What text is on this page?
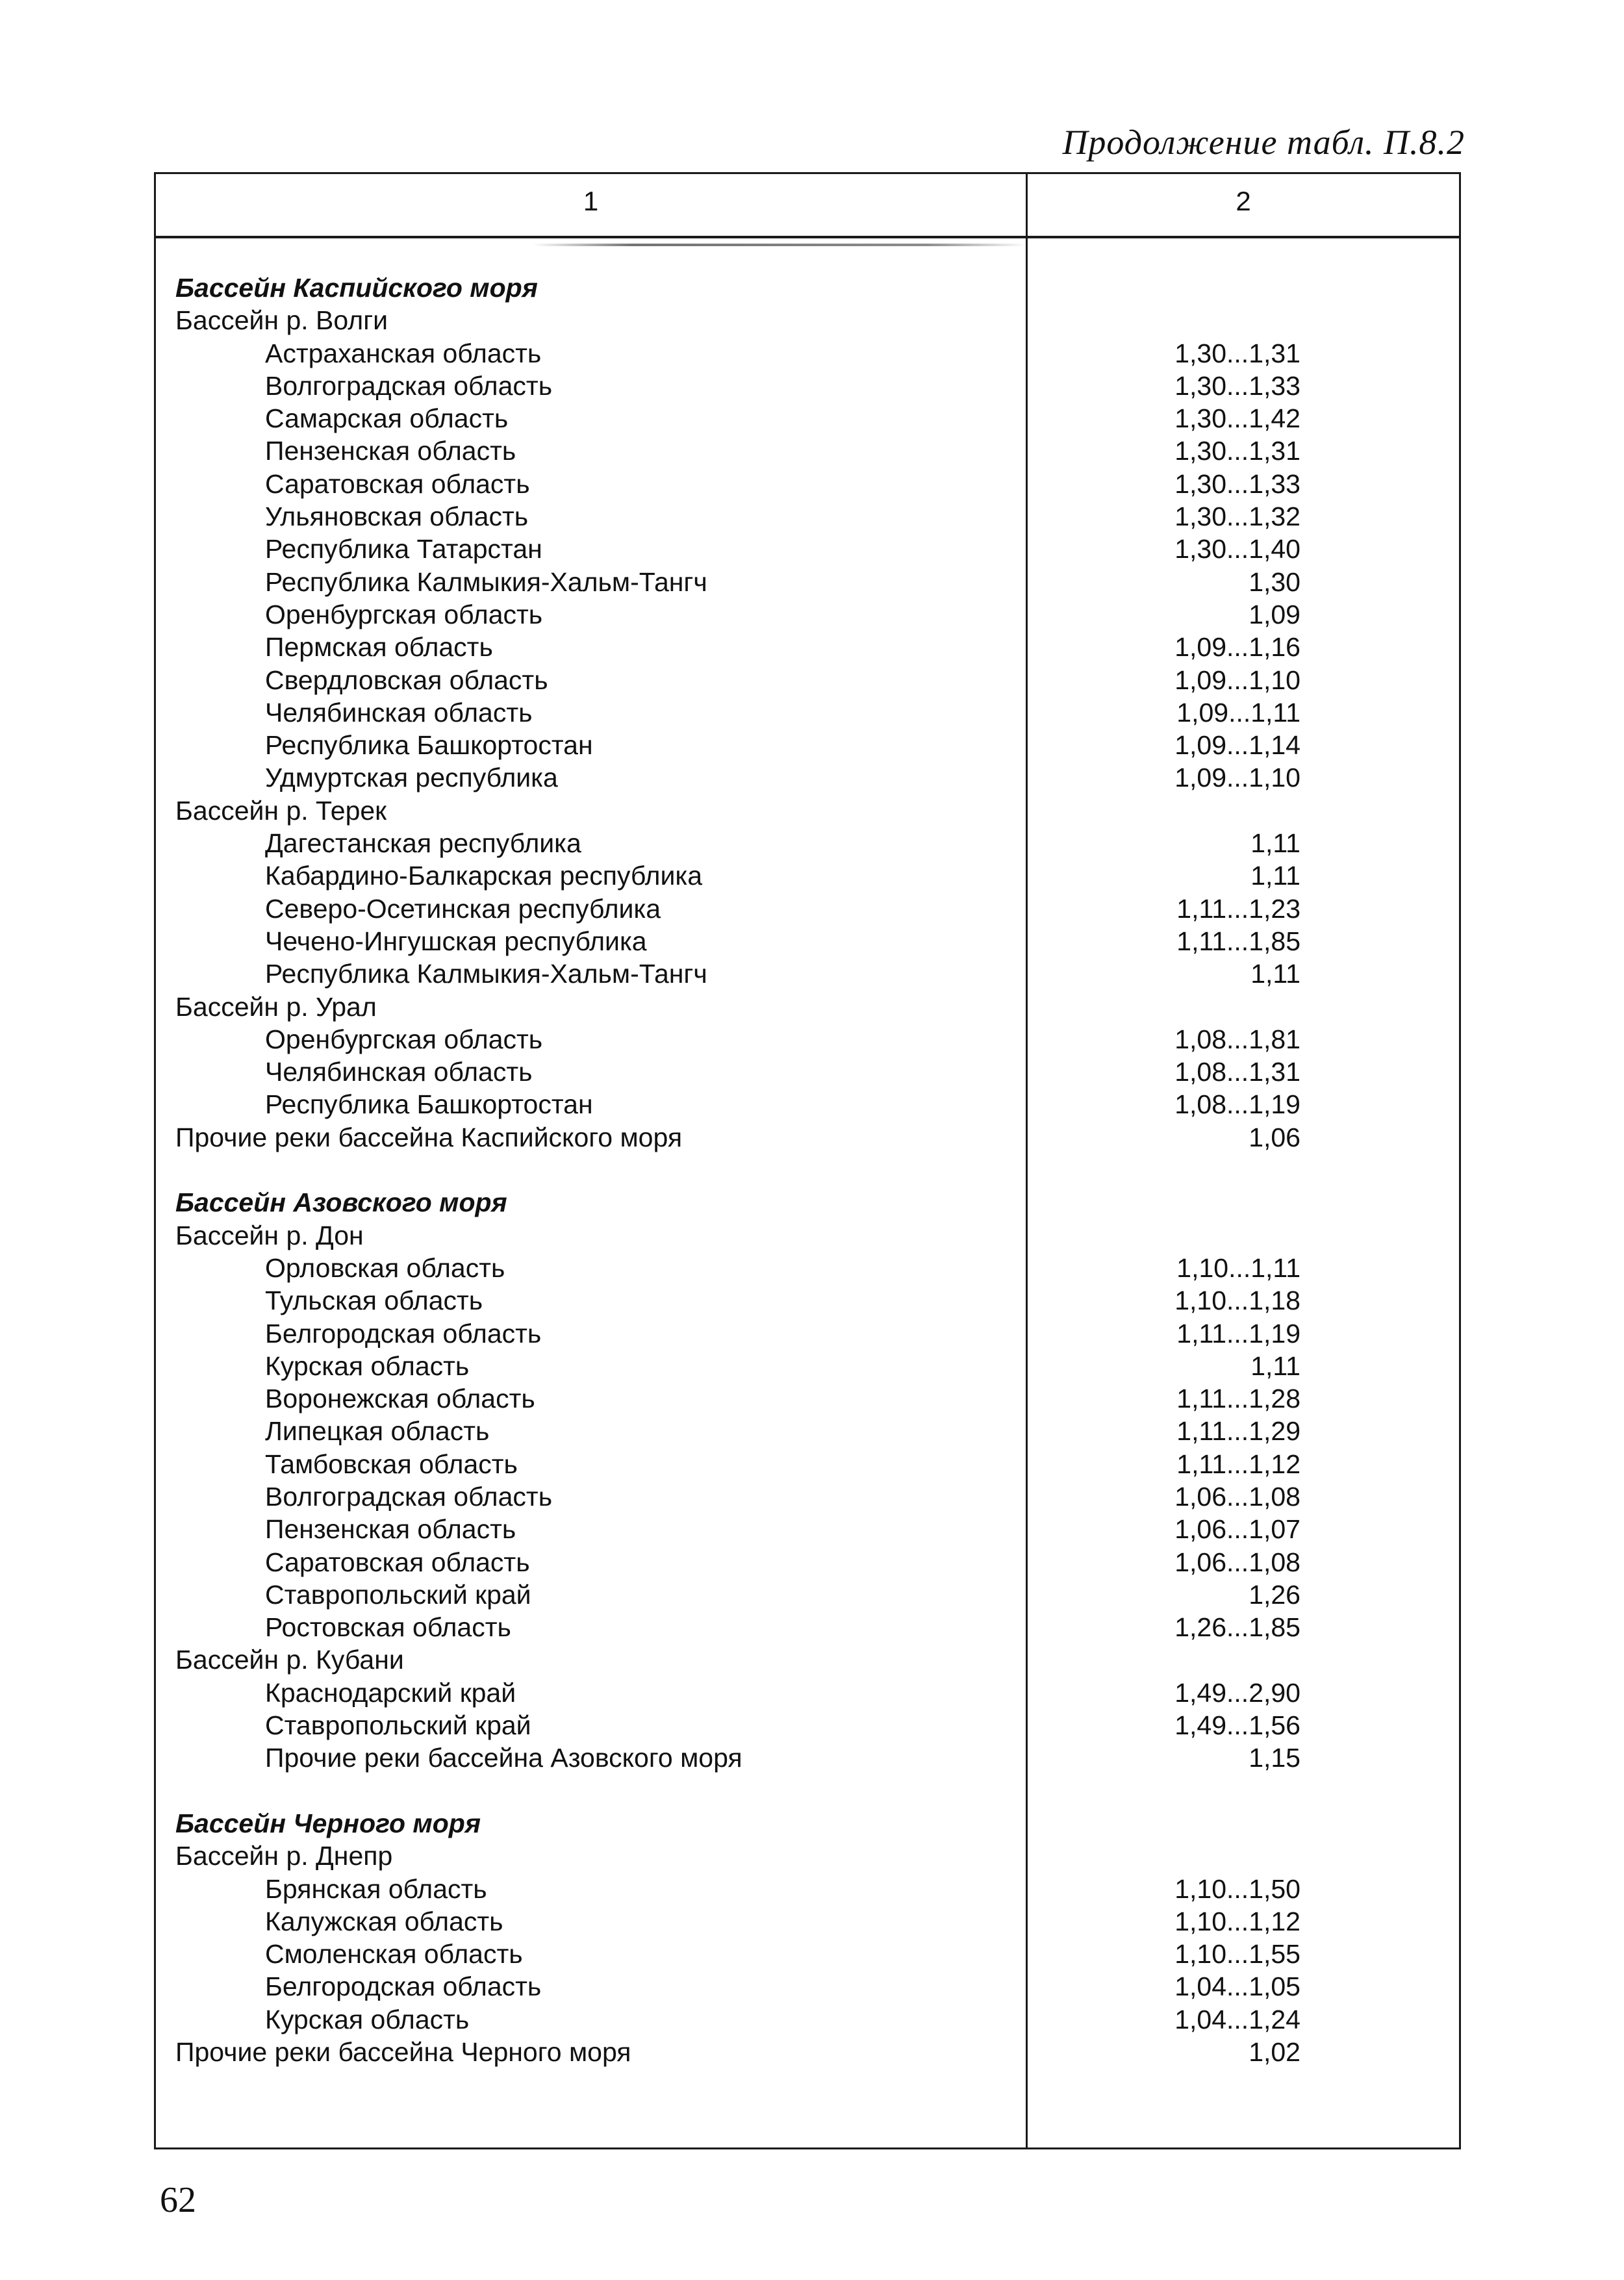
Продолжение табл. П.8.2
1	2
Бассейн Каспийского моря
Бассейн р. Волги
Астраханская область	1,30...1,31
Волгоградская область	1,30...1,33
Самарская область	1,30...1,42
Пензенская область	1,30...1,31
Саратовская область	1,30...1,33
Ульяновская область	1,30...1,32
Республика Татарстан	1,30...1,40
Республика Калмыкия-Хальм-Тангч	1,30
Оренбургская область	1,09
Пермская область	1,09...1,16
Свердловская область	1,09...1,10
Челябинская область	1,09...1,11
Республика Башкортостан	1,09...1,14
Удмуртская республика	1,09...1,10
Бассейн р. Терек
Дагестанская республика	1,11
Кабардино-Балкарская республика	1,11
Северо-Осетинская республика	1,11...1,23
Чечено-Ингушская республика	1,11...1,85
Республика Калмыкия-Хальм-Тангч	1,11
Бассейн р. Урал
Оренбургская область	1,08...1,81
Челябинская область	1,08...1,31
Республика Башкортостан	1,08...1,19
Прочие реки бассейна Каспийского моря	1,06
Бассейн Азовского моря
Бассейн р. Дон
Орловская область	1,10...1,11
Тульская область	1,10...1,18
Белгородская область	1,11...1,19
Курская область	1,11
Воронежская область	1,11...1,28
Липецкая область	1,11...1,29
Тамбовская область	1,11...1,12
Волгоградская область	1,06...1,08
Пензенская область	1,06...1,07
Саратовская область	1,06...1,08
Ставропольский край	1,26
Ростовская область	1,26...1,85
Бассейн р. Кубани
Краснодарский край	1,49...2,90
Ставропольский край	1,49...1,56
Прочие реки бассейна Азовского моря	1,15
Бассейн Черного моря
Бассейн р. Днепр
Брянская область	1,10...1,50
Калужская область	1,10...1,12
Смоленская область	1,10...1,55
Белгородская область	1,04...1,05
Курская область	1,04...1,24
Прочие реки бассейна Черного моря	1,02
62
